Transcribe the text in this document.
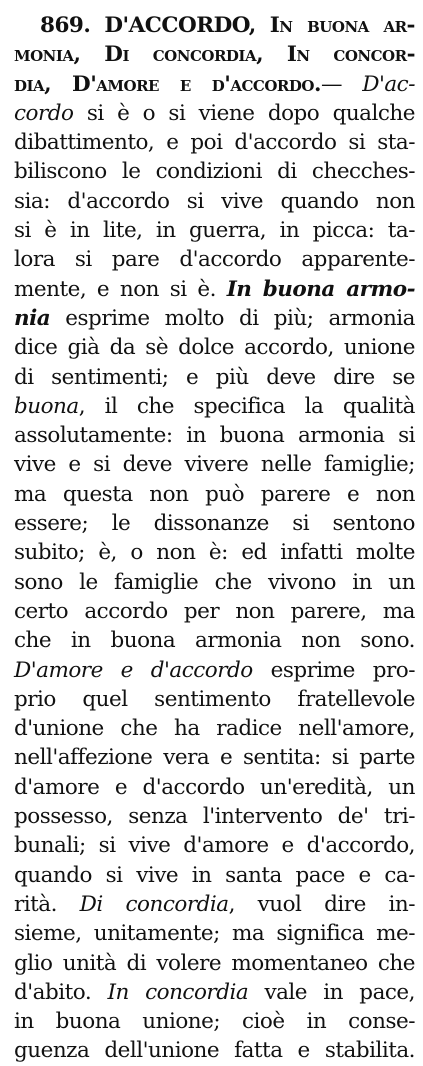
869. D'ACCORDO, In buona ar-
monia, Di concordia, In concor-
dia, D'amore e d'accordo.— D'ac-
cordo si è o si viene dopo qualche
dibattimento, e poi d'accordo si sta-
biliscono le condizioni di checches-
sia: d'accordo si vive quando non
si è in lite, in guerra, in picca: ta-
lora si pare d'accordo apparente-
mente, e non si è. In buona armo-
nia esprime molto di più; armonia
dice già da sè dolce accordo, unione
di sentimenti; e più deve dire se
buona, il che specifica la qualità
assolutamente: in buona armonia si
vive e si deve vivere nelle famiglie;
ma questa non può parere e non
essere; le dissonanze si sentono
subito; è, o non è: ed infatti molte
sono le famiglie che vivono in un
certo accordo per non parere, ma
che in buona armonia non sono.
D'amore e d'accordo esprime pro-
prio quel sentimento fratellevole
d'unione che ha radice nell'amore,
nell'affezione vera e sentita: si parte
d'amore e d'accordo un'eredità, un
possesso, senza l'intervento de' tri-
bunali; si vive d'amore e d'accordo,
quando si vive in santa pace e ca-
rità. Di concordia, vuol dire in-
sieme, unitamente; ma significa me-
glio unità di volere momentaneo che
d'abito. In concordia vale in pace,
in buona unione; cioè in conse-
guenza dell'unione fatta e stabilita.
